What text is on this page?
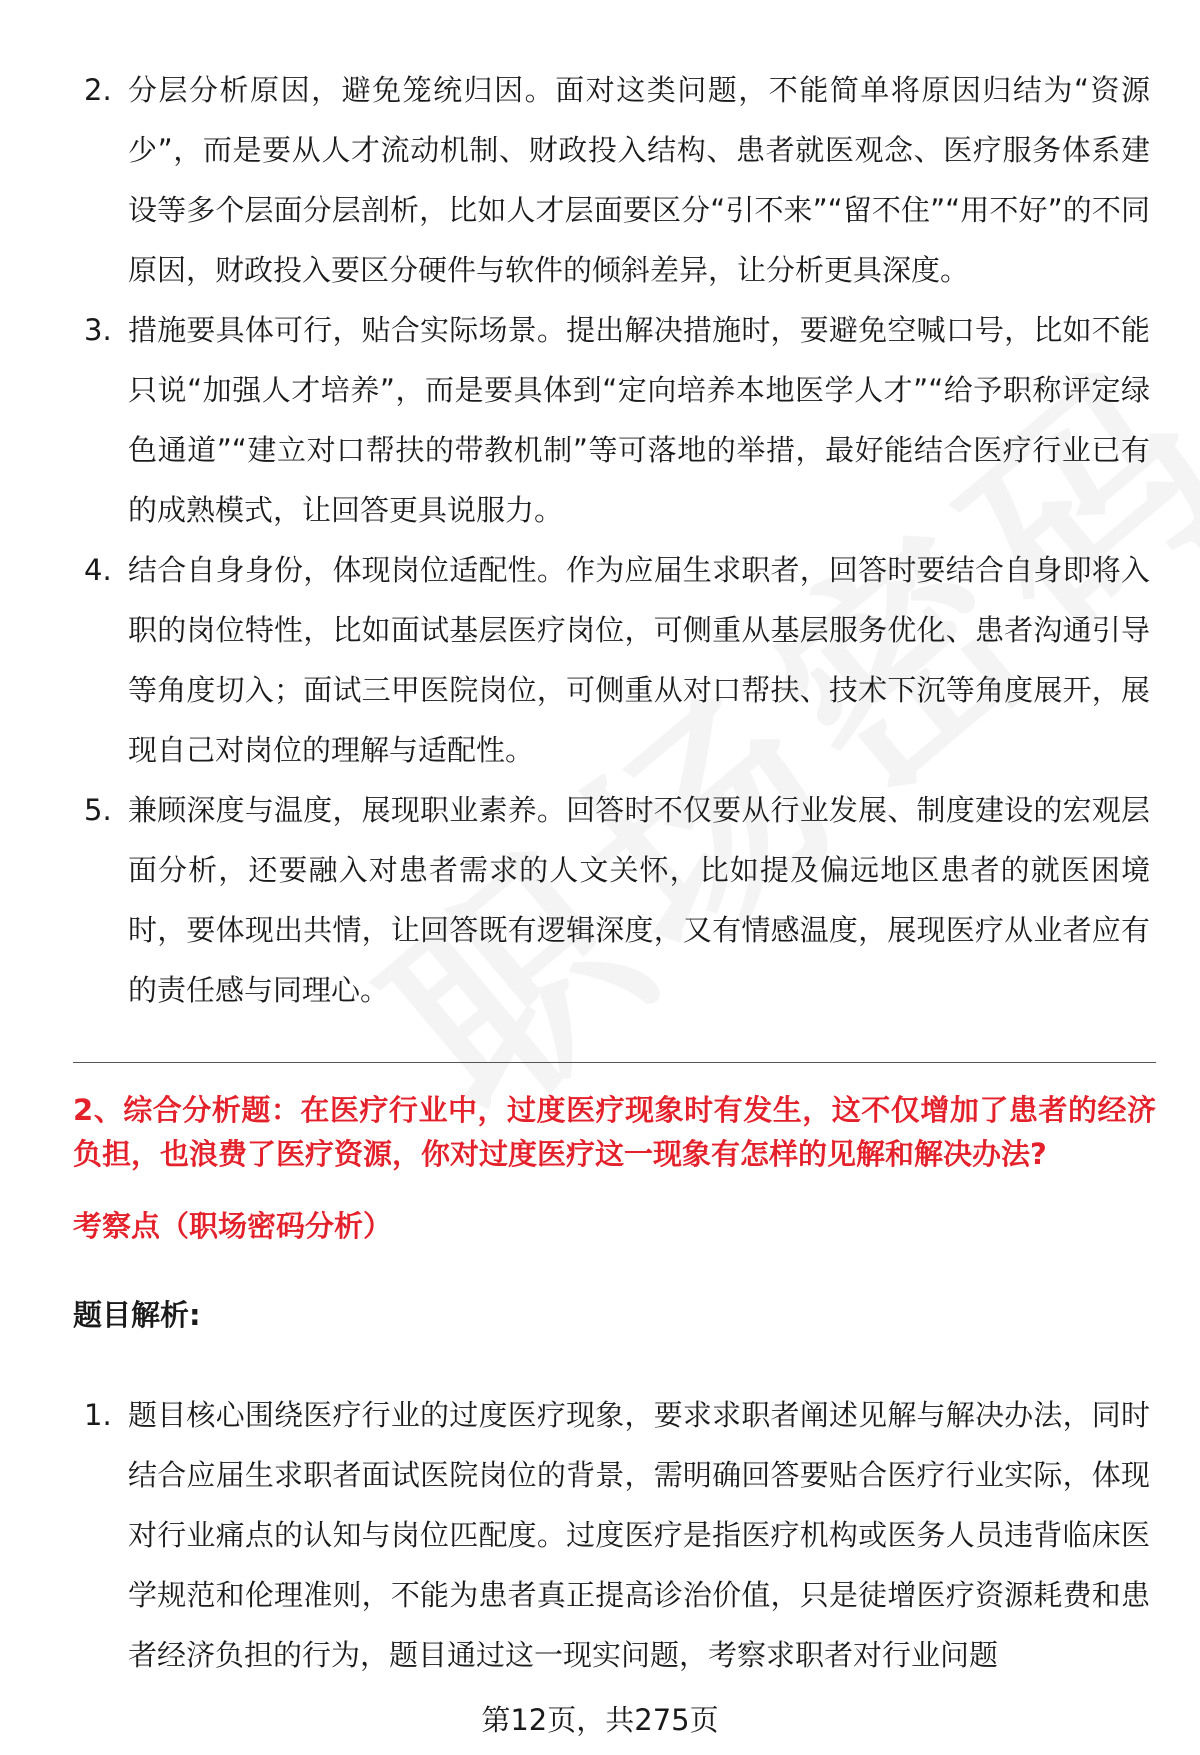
2. 分层分析原因，避免笼统归因。面对这类问题，不能简单将原因归结为“资源少”，而是要从人才流动机制、财政投入结构、患者就医观念、医疗服务体系建设等多个层面分层剖析，比如人才层面要区分“引不来”“留不住”“用不好”的不同原因，财政投入要区分硬件与软件的倾斜差异，让分析更具深度。
3. 措施要具体可行，贴合实际场景。提出解决措施时，要避免空喊口号，比如不能只说“加强人才培养”，而是要具体到“定向培养本地医学人才”“给予职称评定绿色通道”“建立对口帮扶的带教机制”等可落地的举措，最好能结合医疗行业已有的成熟模式，让回答更具说服力。
4. 结合自身身份，体现岗位适配性。作为应届生求职者，回答时要结合自身即将入职的岗位特性，比如面试基层医疗岗位，可侧重从基层服务优化、患者沟通引导等角度切入；面试三甲医院岗位，可侧重从对口帮扶、技术下沉等角度展开，展现自己对岗位的理解与适配性。
5. 兼顾深度与温度，展现职业素养。回答时不仅要从行业发展、制度建设的宏观层面分析，还要融入对患者需求的人文关怀，比如提及偏远地区患者的就医困境时，要体现出共情，让回答既有逻辑深度，又有情感温度，展现医疗从业者应有的责任感与同理心。
2、综合分析题：在医疗行业中，过度医疗现象时有发生，这不仅增加了患者的经济负担，也浪费了医疗资源，你对过度医疗这一现象有怎样的见解和解决办法?
考察点（职场密码分析）
题目解析:
1. 题目核心围绕医疗行业的过度医疗现象，要求求职者阐述见解与解决办法，同时结合应届生求职者面试医院岗位的背景，需明确回答要贴合医疗行业实际，体现对行业痛点的认知与岗位匹配度。过度医疗是指医疗机构或医务人员违背临床医学规范和伦理准则，不能为患者真正提高诊治价值，只是徒增医疗资源耗费和患者经济负担的行为，题目通过这一现实问题，考察求职者对行业问题
第12页，共275页
